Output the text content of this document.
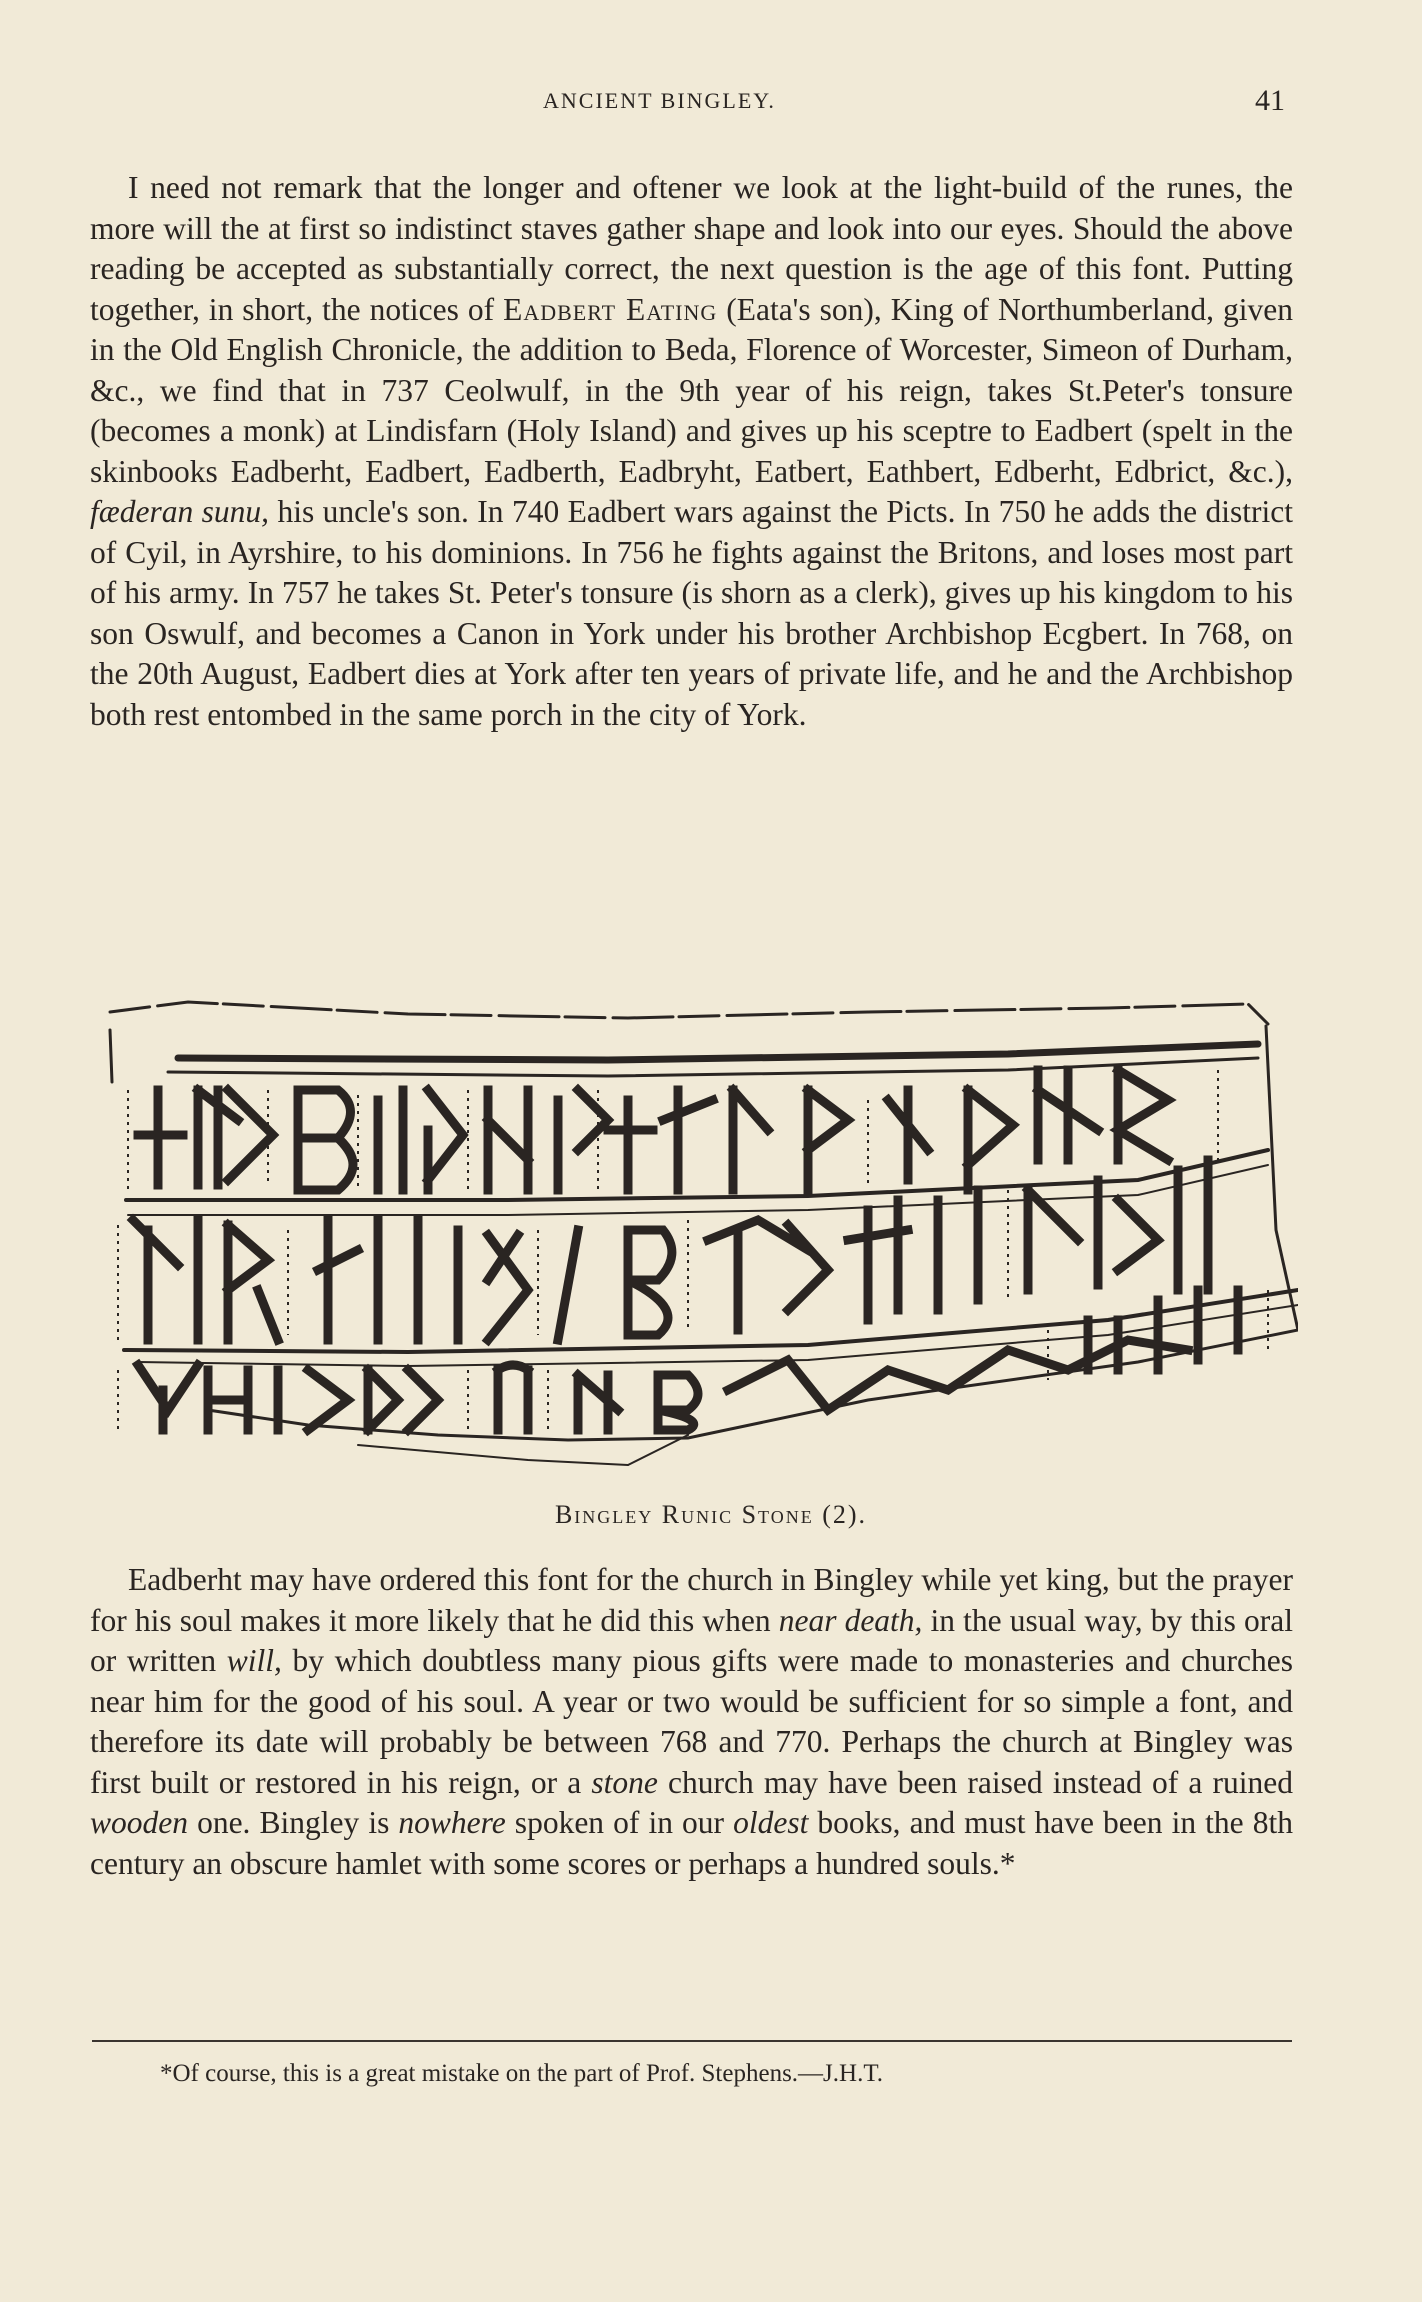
ANCIENT BINGLEY.	41

I need not remark that the longer and oftener we look at the light-build of the runes, the more will the at first so indistinct staves gather shape and look into our eyes. Should the above reading be accepted as substantially correct, the next question is the age of this font. Putting together, in short, the notices of Eadbert Eating (Eata's son), King of Northumberland, given in the Old English Chronicle, the addition to Beda, Florence of Worcester, Simeon of Durham, &c., we find that in 737 Ceolwulf, in the 9th year of his reign, takes St.Peter's tonsure (becomes a monk) at Lindisfarn (Holy Island) and gives up his sceptre to Eadbert (spelt in the skinbooks Eadberht, Eadbert, Eadberth, Eadbryht, Eatbert, Eathbert, Edberht, Edbrict, &c.), fæderan sunu, his uncle's son. In 740 Eadbert wars against the Picts. In 750 he adds the district of Cyil, in Ayrshire, to his dominions. In 756 he fights against the Britons, and loses most part of his army. In 757 he takes St. Peter's tonsure (is shorn as a clerk), gives up his kingdom to his son Oswulf, and becomes a Canon in York under his brother Archbishop Ecgbert. In 768, on the 20th August, Eadbert dies at York after ten years of private life, and he and the Archbishop both rest entombed in the same porch in the city of York.

Bingley Runic Stone (2).

Eadberht may have ordered this font for the church in Bingley while yet king, but the prayer for his soul makes it more likely that he did this when near death, in the usual way, by this oral or written will, by which doubtless many pious gifts were made to monasteries and churches near him for the good of his soul. A year or two would be sufficient for so simple a font, and therefore its date will probably be between 768 and 770. Perhaps the church at Bingley was first built or restored in his reign, or a stone church may have been raised instead of a ruined wooden one. Bingley is nowhere spoken of in our oldest books, and must have been in the 8th century an obscure hamlet with some scores or perhaps a hundred souls.*

*Of course, this is a great mistake on the part of Prof. Stephens.—J.H.T.
